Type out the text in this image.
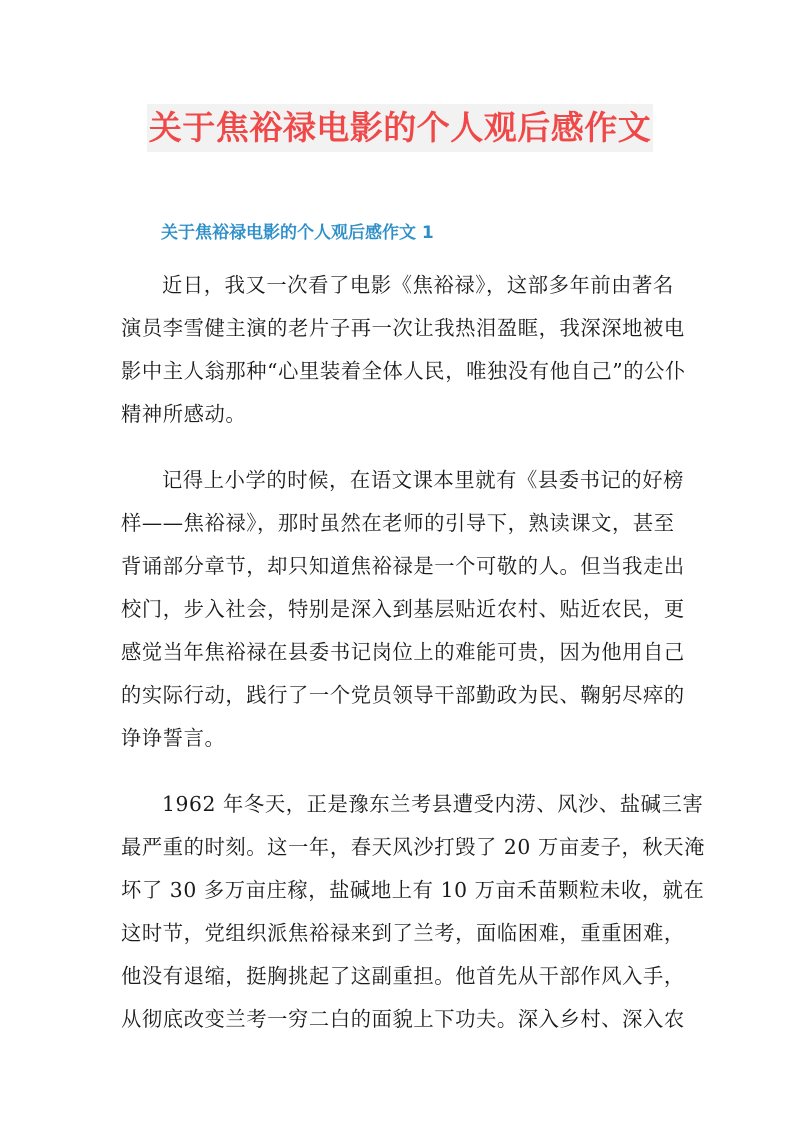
关于焦裕禄电影的个人观后感作文
关于焦裕禄电影的个人观后感作文 1

近日，我又一次看了电影《焦裕禄》，这部多年前由著名
演员李雪健主演的老片子再一次让我热泪盈眶，我深深地被电
影中主人翁那种“心里装着全体人民，唯独没有他自己”的公仆
精神所感动。

记得上小学的时候，在语文课本里就有《县委书记的好榜
样——焦裕禄》，那时虽然在老师的引导下，熟读课文，甚至
背诵部分章节，却只知道焦裕禄是一个可敬的人。但当我走出
校门，步入社会，特别是深入到基层贴近农村、贴近农民，更
感觉当年焦裕禄在县委书记岗位上的难能可贵，因为他用自己
的实际行动，践行了一个党员领导干部勤政为民、鞠躬尽瘁的
诤诤誓言。

1962 年冬天，正是豫东兰考县遭受内涝、风沙、盐碱三害
最严重的时刻。这一年，春天风沙打毁了 20 万亩麦子，秋天淹
坏了 30 多万亩庄稼，盐碱地上有 10 万亩禾苗颗粒未收，就在
这时节，党组织派焦裕禄来到了兰考，面临困难，重重困难，
他没有退缩，挺胸挑起了这副重担。他首先从干部作风入手，
从彻底改变兰考一穷二白的面貌上下功夫。深入乡村、深入农
